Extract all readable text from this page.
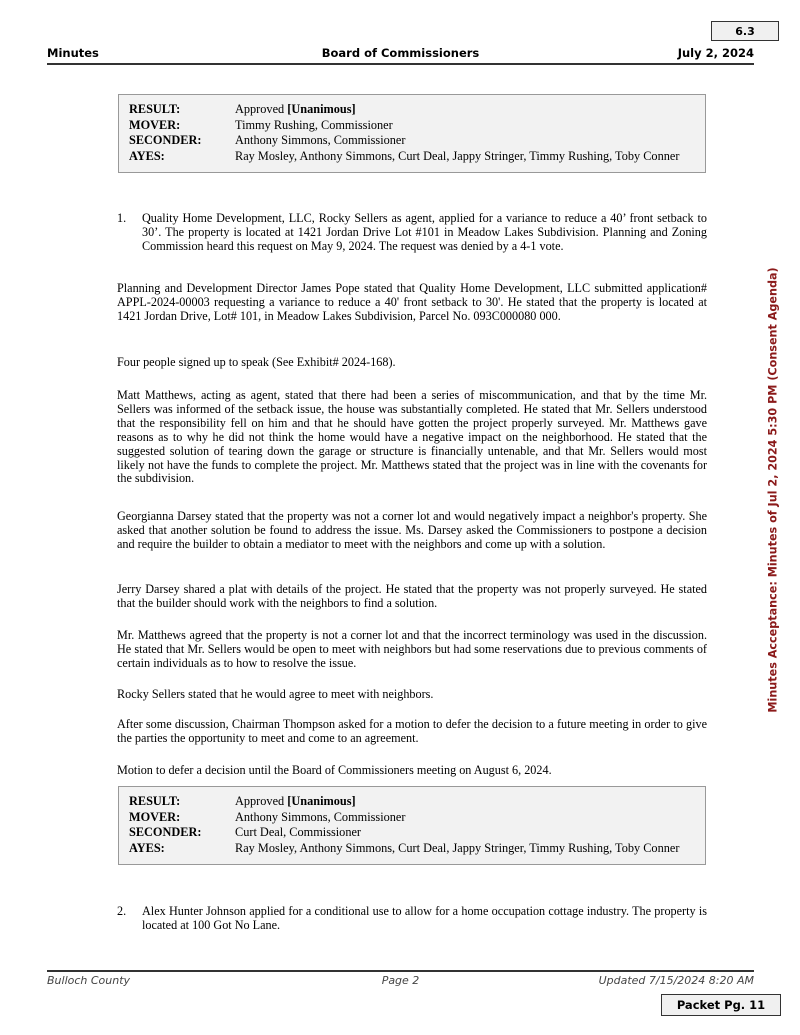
6.3
Minutes	Board of Commissioners	July 2, 2024
RESULT:	Approved [Unanimous]
MOVER:	Timmy Rushing, Commissioner
SECONDER:	Anthony Simmons, Commissioner
AYES:	Ray Mosley, Anthony Simmons, Curt Deal, Jappy Stringer, Timmy Rushing, Toby Conner
1. Quality Home Development, LLC, Rocky Sellers as agent, applied for a variance to reduce a 40’ front setback to 30’. The property is located at 1421 Jordan Drive Lot #101 in Meadow Lakes Subdivision. Planning and Zoning Commission heard this request on May 9, 2024. The request was denied by a 4-1 vote.
Planning and Development Director James Pope stated that Quality Home Development, LLC submitted application# APPL-2024-00003 requesting a variance to reduce a 40' front setback to 30'. He stated that the property is located at 1421 Jordan Drive, Lot# 101, in Meadow Lakes Subdivision, Parcel No. 093C000080 000.
Four people signed up to speak (See Exhibit# 2024-168).
Matt Matthews, acting as agent, stated that there had been a series of miscommunication, and that by the time Mr. Sellers was informed of the setback issue, the house was substantially completed. He stated that Mr. Sellers understood that the responsibility fell on him and that he should have gotten the project properly surveyed. Mr. Matthews gave reasons as to why he did not think the home would have a negative impact on the neighborhood. He stated that the suggested solution of tearing down the garage or structure is financially untenable, and that Mr. Sellers would most likely not have the funds to complete the project. Mr. Matthews stated that the project was in line with the covenants for the subdivision.
Georgianna Darsey stated that the property was not a corner lot and would negatively impact a neighbor's property. She asked that another solution be found to address the issue. Ms. Darsey asked the Commissioners to postpone a decision and require the builder to obtain a mediator to meet with the neighbors and come up with a solution.
Jerry Darsey shared a plat with details of the project. He stated that the property was not properly surveyed. He stated that the builder should work with the neighbors to find a solution.
Mr. Matthews agreed that the property is not a corner lot and that the incorrect terminology was used in the discussion. He stated that Mr. Sellers would be open to meet with neighbors but had some reservations due to previous comments of certain individuals as to how to resolve the issue.
Rocky Sellers stated that he would agree to meet with neighbors.
After some discussion, Chairman Thompson asked for a motion to defer the decision to a future meeting in order to give the parties the opportunity to meet and come to an agreement.
Motion to defer a decision until the Board of Commissioners meeting on August 6, 2024.
RESULT:	Approved [Unanimous]
MOVER:	Anthony Simmons, Commissioner
SECONDER:	Curt Deal, Commissioner
AYES:	Ray Mosley, Anthony Simmons, Curt Deal, Jappy Stringer, Timmy Rushing, Toby Conner
2. Alex Hunter Johnson applied for a conditional use to allow for a home occupation cottage industry. The property is located at 100 Got No Lane.
Minutes Acceptance: Minutes of Jul 2, 2024 5:30 PM (Consent Agenda)
Bulloch County	Page 2	Updated 7/15/2024 8:20 AM
Packet Pg. 11
